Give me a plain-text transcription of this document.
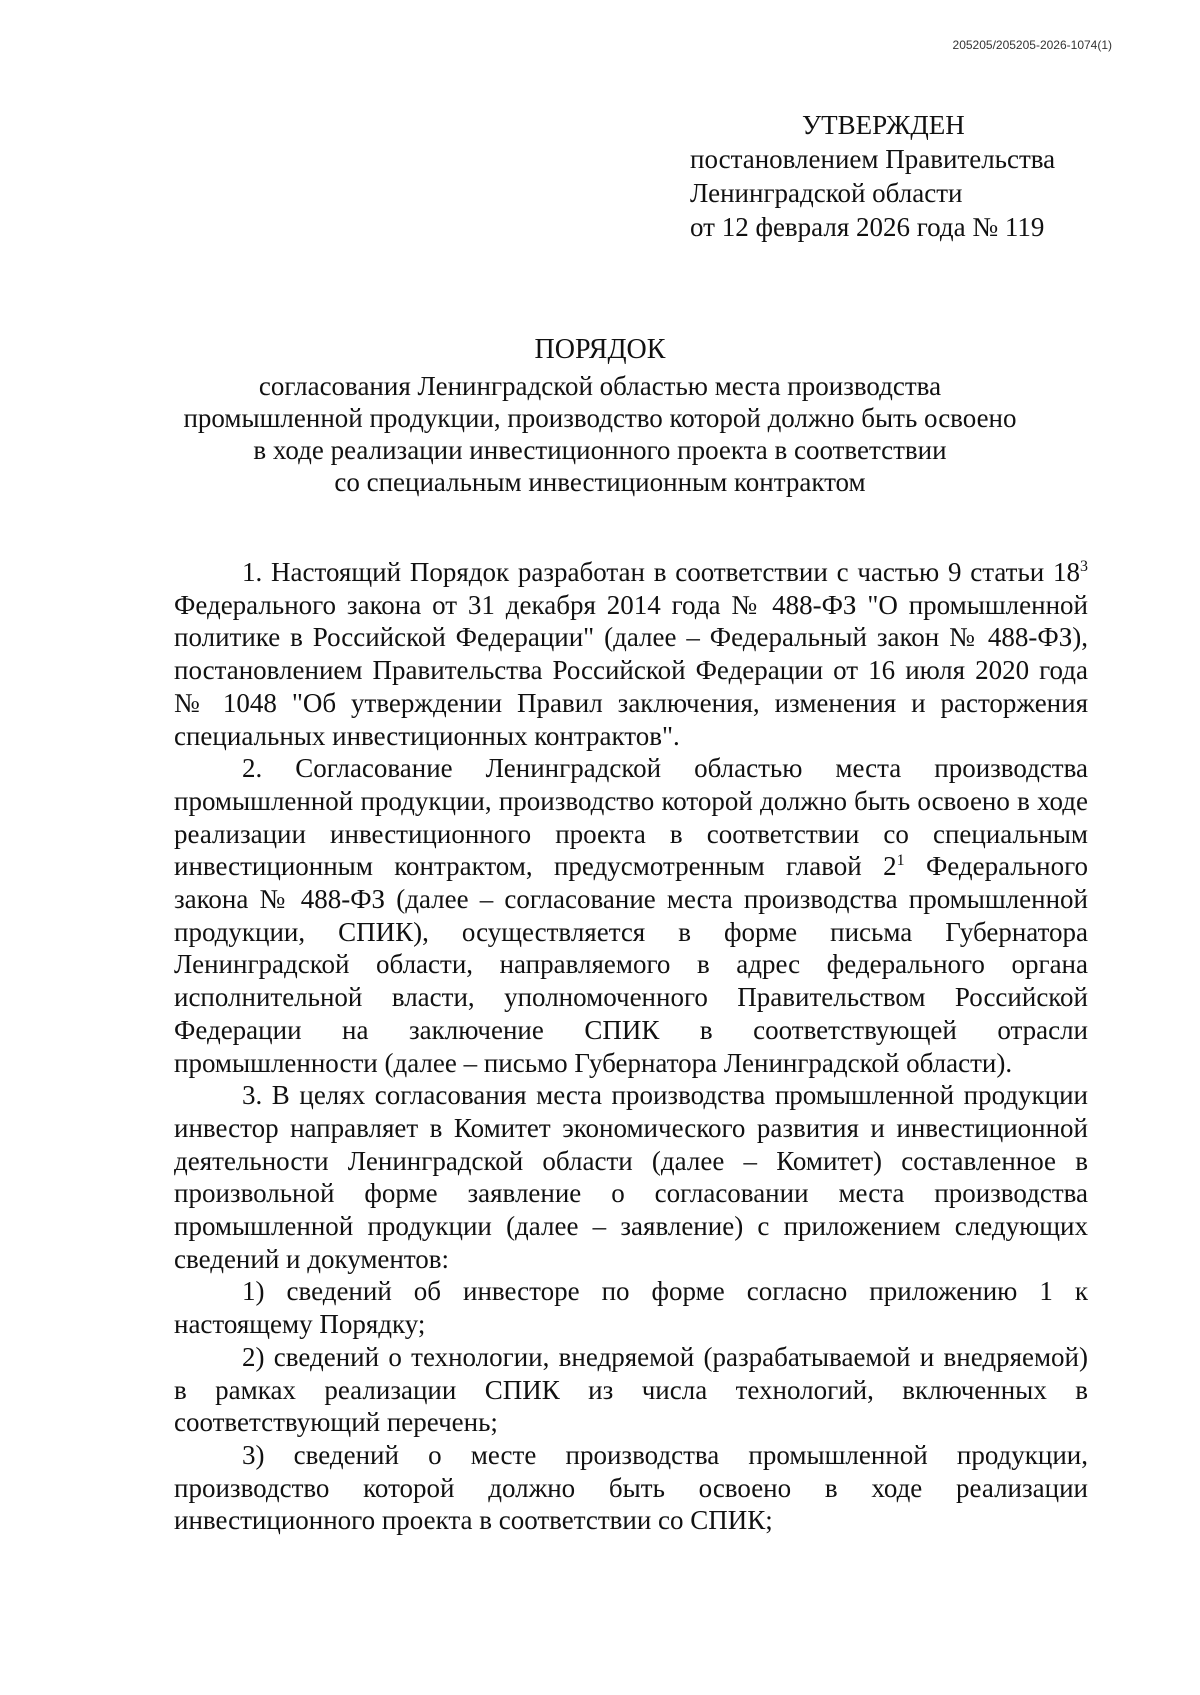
205205/205205-2026-1074(1)
УТВЕРЖДЕН
постановлением Правительства
Ленинградской области
от 12 февраля 2026 года № 119
ПОРЯДОК
согласования Ленинградской областью места производства
промышленной продукции, производство которой должно быть освоено
в ходе реализации инвестиционного проекта в соответствии
со специальным инвестиционным контрактом

1. Настоящий Порядок разработан в соответствии с частью 9 статьи $18^3$ Федерального закона от 31 декабря 2014 года № 488-ФЗ "О промышленной политике в Российской Федерации" (далее – Федеральный закон № 488-ФЗ), постановлением Правительства Российской Федерации от 16 июля 2020 года № 1048 "Об утверждении Правил заключения, изменения и расторжения специальных инвестиционных контрактов".

2. Согласование Ленинградской областью места производства промышленной продукции, производство которой должно быть освоено в ходе реализации инвестиционного проекта в соответствии со специальным инвестиционным контрактом, предусмотренным главой $2^1$ Федерального закона № 488-ФЗ (далее – согласование места производства промышленной продукции, СПИК), осуществляется в форме письма Губернатора Ленинградской области, направляемого в адрес федерального органа исполнительной власти, уполномоченного Правительством Российской Федерации на заключение СПИК в соответствующей отрасли промышленности (далее – письмо Губернатора Ленинградской области).

3. В целях согласования места производства промышленной продукции инвестор направляет в Комитет экономического развития и инвестиционной деятельности Ленинградской области (далее – Комитет) составленное в произвольной форме заявление о согласовании места производства промышленной продукции (далее – заявление) с приложением следующих сведений и документов:

1) сведений об инвесторе по форме согласно приложению 1 к настоящему Порядку;

2) сведений о технологии, внедряемой (разрабатываемой и внедряемой) в рамках реализации СПИК из числа технологий, включенных в соответствующий перечень;

3) сведений о месте производства промышленной продукции, производство которой должно быть освоено в ходе реализации инвестиционного проекта в соответствии со СПИК;
